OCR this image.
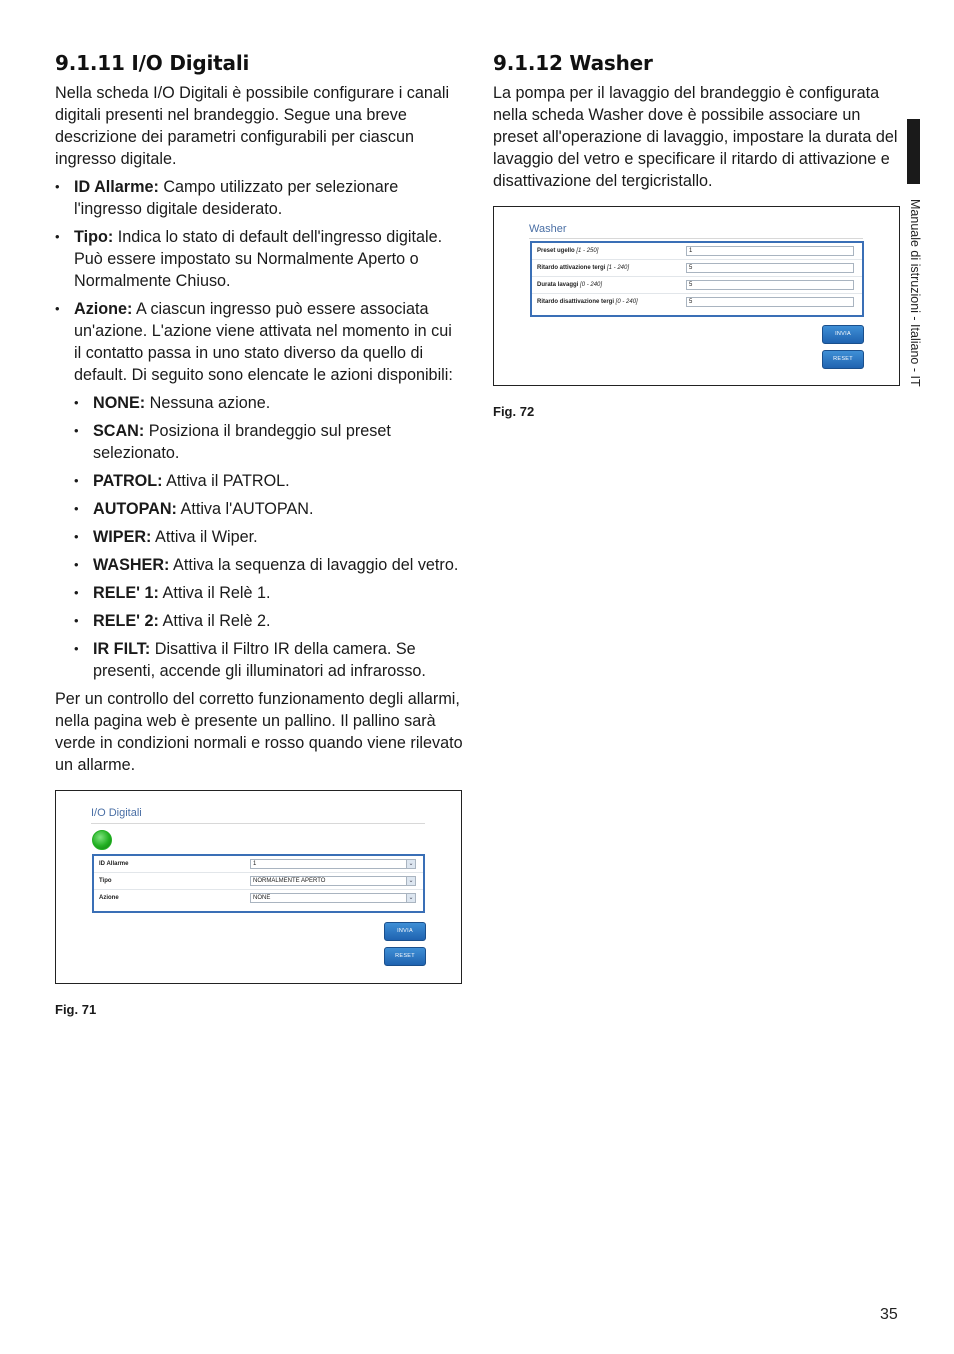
9.1.11 I/O Digitali

Nella scheda I/O Digitali è possibile configurare i canali digitali presenti nel brandeggio. Segue una breve descrizione dei parametri configurabili per ciascun ingresso digitale.

• ID Allarme: Campo utilizzato per selezionare l'ingresso digitale desiderato.
• Tipo: Indica lo stato di default dell'ingresso digitale. Può essere impostato su Normalmente Aperto o Normalmente Chiuso.
• Azione: A ciascun ingresso può essere associata un'azione. L'azione viene attivata nel momento in cui il contatto passa in uno stato diverso da quello di default. Di seguito sono elencate le azioni disponibili:
• NONE: Nessuna azione.
• SCAN: Posiziona il brandeggio sul preset selezionato.
• PATROL: Attiva il PATROL.
• AUTOPAN: Attiva l'AUTOPAN.
• WIPER: Attiva il Wiper.
• WASHER: Attiva la sequenza di lavaggio del vetro.
• RELE' 1: Attiva il Relè 1.
• RELE' 2: Attiva il Relè 2.
• IR FILT: Disattiva il Filtro IR della camera. Se presenti, accende gli illuminatori ad infrarosso.

Per un controllo del corretto funzionamento degli allarmi, nella pagina web è presente un pallino. Il pallino sarà verde in condizioni normali e rosso quando viene rilevato un allarme.

I/O Digitali
ID Allarme	1	⌄
Tipo	NORMALMENTE APERTO	⌄
Azione	NONE	⌄
INVIA
RESET
Fig. 71
9.1.12 Washer

La pompa per il lavaggio del brandeggio è configurata nella scheda Washer dove è possibile associare un preset all'operazione di lavaggio, impostare la durata del lavaggio del vetro e specificare il ritardo di attivazione e disattivazione del tergicristallo.

Washer
Preset ugello [1 - 250]	1
Ritardo attivazione tergi [1 - 240]	5
Durata lavaggi [0 - 240]	5
Ritardo disattivazione tergi [0 - 240]	5
INVIA
RESET
Fig. 72
Manuale di istruzioni - Italiano - IT
35
